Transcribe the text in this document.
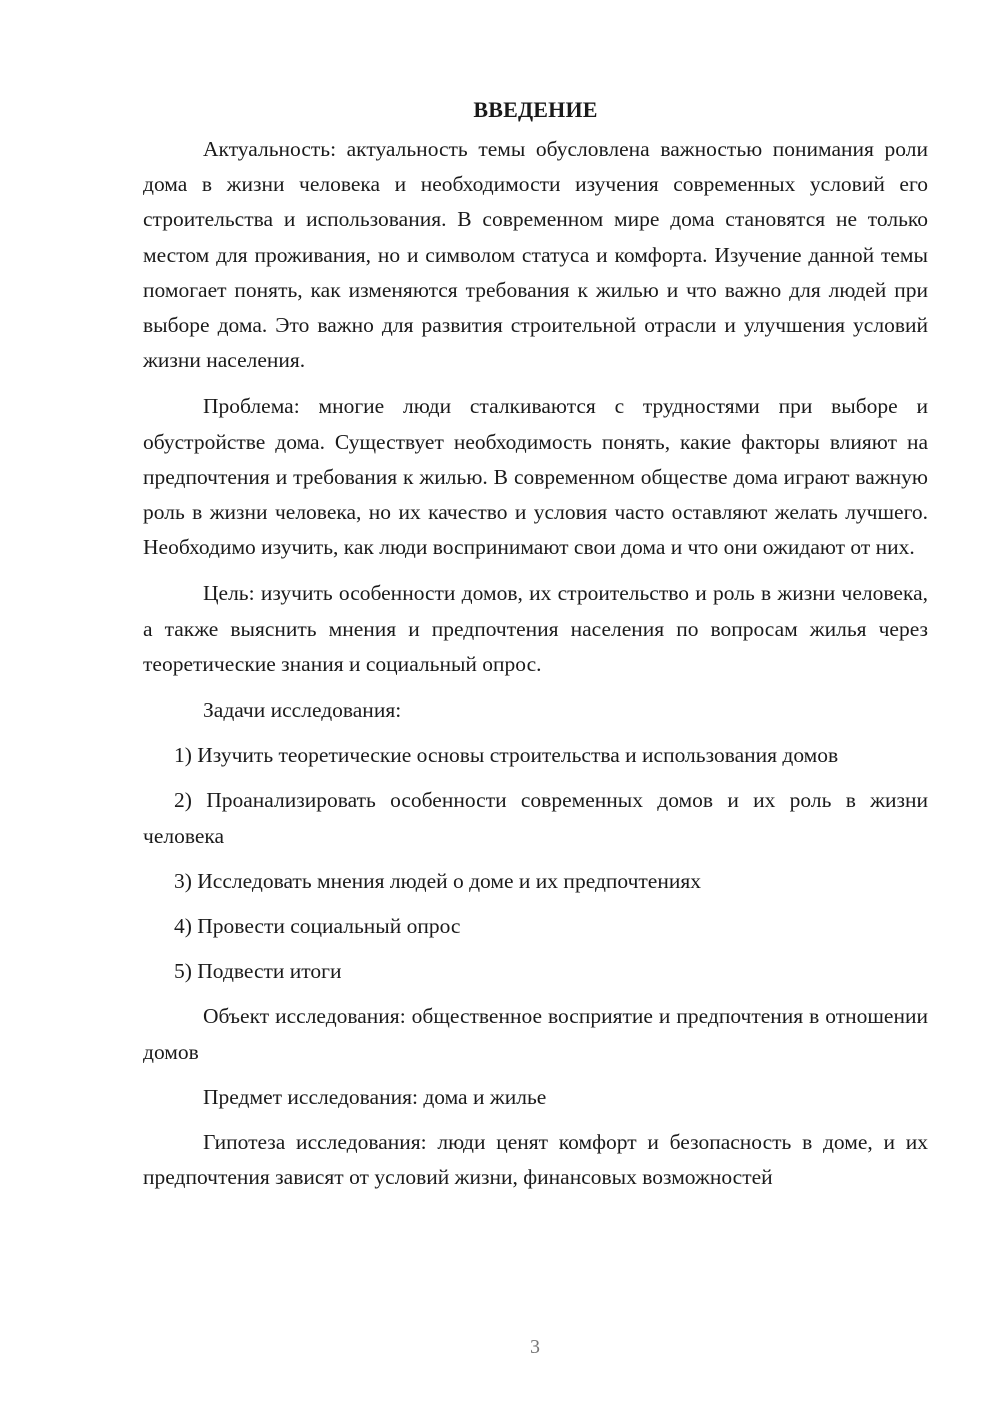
ВВЕДЕНИЕ

Актуальность: актуальность темы обусловлена важностью понимания роли дома в жизни человека и необходимости изучения современных условий его строительства и использования. В современном мире дома становятся не только местом для проживания, но и символом статуса и комфорта. Изучение данной темы помогает понять, как изменяются требования к жилью и что важно для людей при выборе дома. Это важно для развития строительной отрасли и улучшения условий жизни населения.

Проблема: многие люди сталкиваются с трудностями при выборе и обустройстве дома. Существует необходимость понять, какие факторы влияют на предпочтения и требования к жилью. В современном обществе дома играют важную роль в жизни человека, но их качество и условия часто оставляют желать лучшего. Необходимо изучить, как люди воспринимают свои дома и что они ожидают от них.

Цель: изучить особенности домов, их строительство и роль в жизни человека, а также выяснить мнения и предпочтения населения по вопросам жилья через теоретические знания и социальный опрос.

Задачи исследования:

1) Изучить теоретические основы строительства и использования домов

2) Проанализировать особенности современных домов и их роль в жизни человека

3) Исследовать мнения людей о доме и их предпочтениях

4) Провести социальный опрос

5) Подвести итоги

Объект исследования: общественное восприятие и предпочтения в отношении домов

Предмет исследования: дома и жилье

Гипотеза исследования: люди ценят комфорт и безопасность в доме, и их предпочтения зависят от условий жизни, финансовых возможностей

3
